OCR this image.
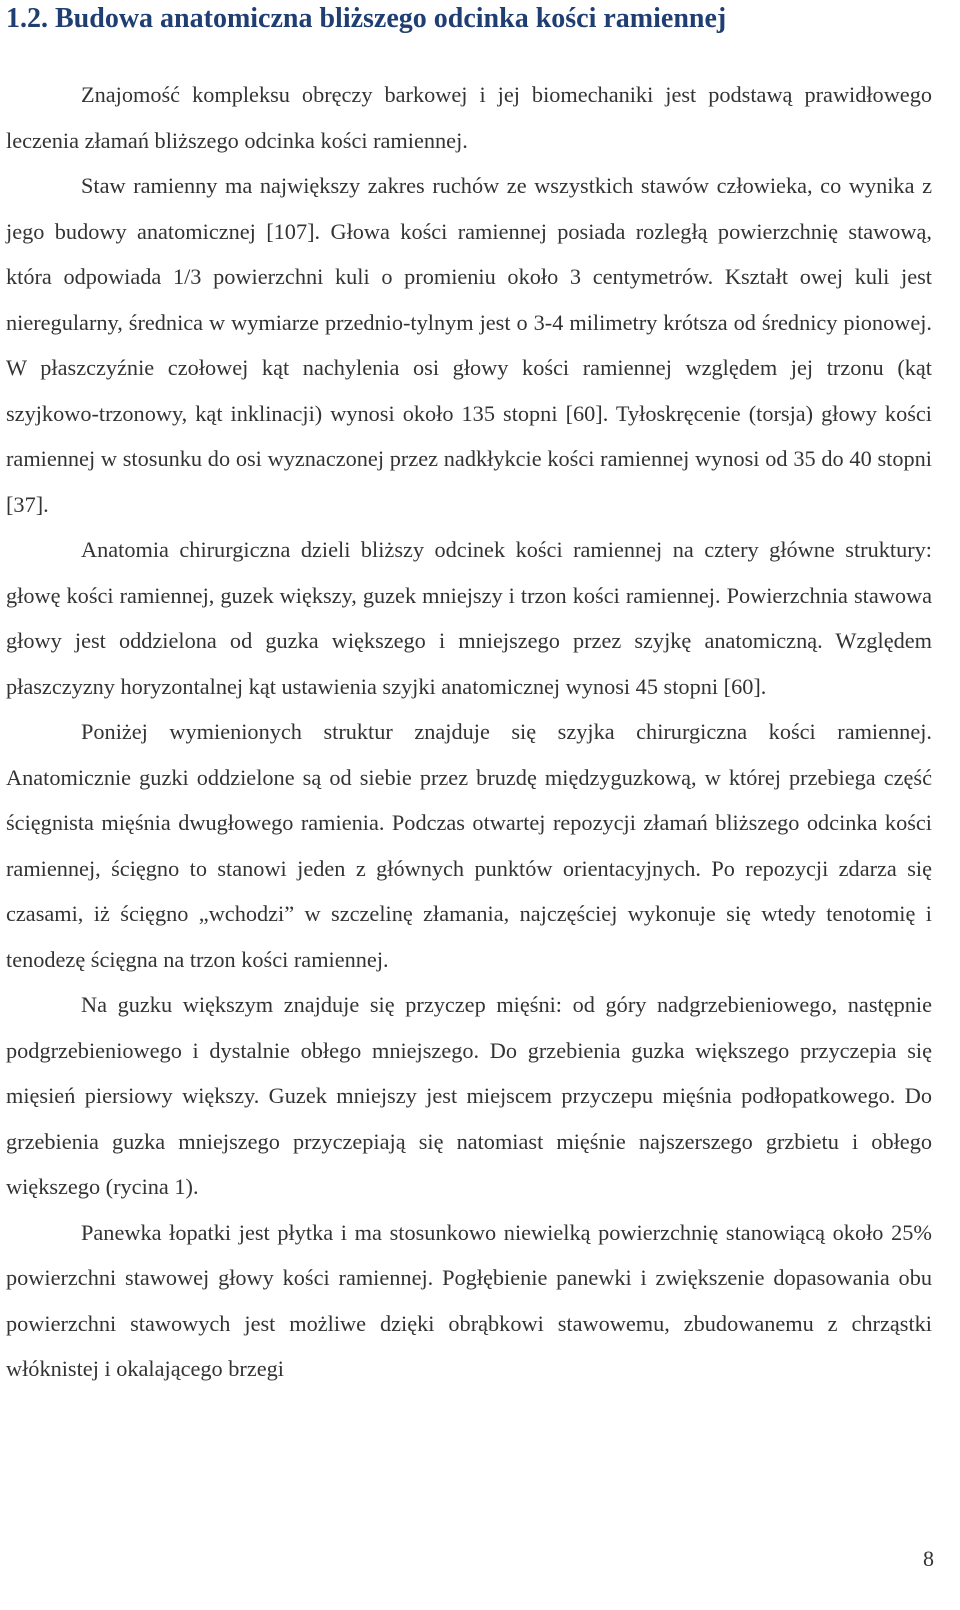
1.2. Budowa anatomiczna bliższego odcinka kości ramiennej

Znajomość kompleksu obręczy barkowej i jej biomechaniki jest podstawą prawidłowego leczenia złamań bliższego odcinka kości ramiennej.

Staw ramienny ma największy zakres ruchów ze wszystkich stawów człowieka, co wynika z jego budowy anatomicznej [107]. Głowa kości ramiennej posiada rozległą powierzchnię stawową, która odpowiada 1/3 powierzchni kuli o promieniu około 3 centymetrów. Kształt owej kuli jest nieregularny, średnica w wymiarze przednio-tylnym jest o 3-4 milimetry krótsza od średnicy pionowej. W płaszczyźnie czołowej kąt nachylenia osi głowy kości ramiennej względem jej trzonu (kąt szyjkowo-trzonowy, kąt inklinacji) wynosi około 135 stopni [60]. Tyłoskręcenie (torsja) głowy kości ramiennej w stosunku do osi wyznaczonej przez nadkłykcie kości ramiennej wynosi od 35 do 40 stopni [37].

Anatomia chirurgiczna dzieli bliższy odcinek kości ramiennej na cztery główne struktury: głowę kości ramiennej, guzek większy, guzek mniejszy i trzon kości ramiennej. Powierzchnia stawowa głowy jest oddzielona od guzka większego i mniejszego przez szyjkę anatomiczną. Względem płaszczyzny horyzontalnej kąt ustawienia szyjki anatomicznej wynosi 45 stopni [60].

Poniżej wymienionych struktur znajduje się szyjka chirurgiczna kości ramiennej. Anatomicznie guzki oddzielone są od siebie przez bruzdę międzyguzkową, w której przebiega część ścięgnista mięśnia dwugłowego ramienia. Podczas otwartej repozycji złamań bliższego odcinka kości ramiennej, ścięgno to stanowi jeden z głównych punktów orientacyjnych. Po repozycji zdarza się czasami, iż ścięgno „wchodzi” w szczelinę złamania, najczęściej wykonuje się wtedy tenotomię i tenodezę ścięgna na trzon kości ramiennej.

Na guzku większym znajduje się przyczep mięśni: od góry nadgrzebieniowego, następnie podgrzebieniowego i dystalnie obłego mniejszego. Do grzebienia guzka większego przyczepia się mięsień piersiowy większy. Guzek mniejszy jest miejscem przyczepu mięśnia podłopatkowego. Do grzebienia guzka mniejszego przyczepiają się natomiast mięśnie najszerszego grzbietu i obłego większego (rycina 1).

Panewka łopatki jest płytka i ma stosunkowo niewielką powierzchnię stanowiącą około 25% powierzchni stawowej głowy kości ramiennej. Pogłębienie panewki i zwiększenie dopasowania obu powierzchni stawowych jest możliwe dzięki obrąbkowi stawowemu, zbudowanemu z chrząstki włóknistej i okalającego brzegi

8
